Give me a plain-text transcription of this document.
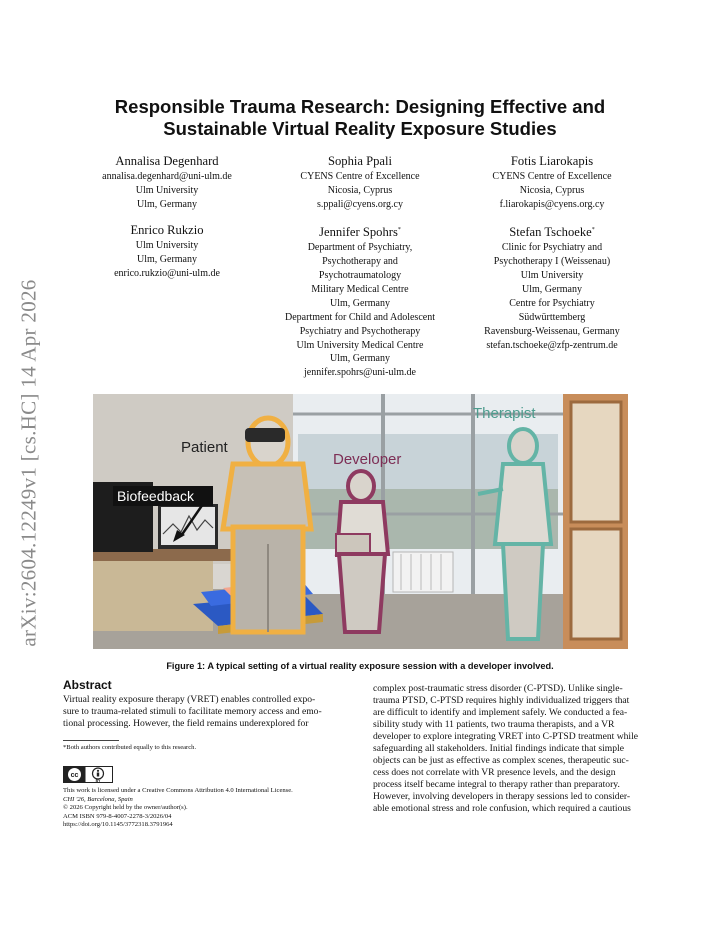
arXiv:2604.12249v1 [cs.HC] 14 Apr 2026
Responsible Trauma Research: Designing Effective and
Sustainable Virtual Reality Exposure Studies
Annalisa Degenhard
annalisa.degenhard@uni-ulm.de
Ulm University
Ulm, Germany
Sophia Ppali
CYENS Centre of Excellence
Nicosia, Cyprus
s.ppali@cyens.org.cy
Fotis Liarokapis
CYENS Centre of Excellence
Nicosia, Cyprus
f.liarokapis@cyens.org.cy
Enrico Rukzio
Ulm University
Ulm, Germany
enrico.rukzio@uni-ulm.de
Jennifer Spohrs*
Department of Psychiatry,
Psychotherapy and
Psychotraumatology
Military Medical Centre
Ulm, Germany
Department for Child and Adolescent
Psychiatry and Psychotherapy
Ulm University Medical Centre
Ulm, Germany
jennifer.spohrs@uni-ulm.de
Stefan Tschoeke*
Clinic for Psychiatry and
Psychotherapy I (Weissenau)
Ulm University
Ulm, Germany
Centre for Psychiatry
Südwürttemberg
Ravensburg-Weissenau, Germany
stefan.tschoeke@zfp-zentrum.de
Patient
Developer
Therapist
Biofeedback
Figure 1: A typical setting of a virtual reality exposure session with a developer involved.
Abstract

Virtual reality exposure therapy (VRET) enables controlled expo-

sure to trauma-related stimuli to facilitate memory access and emo-

tional processing. However, the field remains underexplored for

*Both authors contributed equally to this research.
cc
BY
This work is licensed under a Creative Commons Attribution 4.0 International License.
CHI '26, Barcelona, Spain
© 2026 Copyright held by the owner/author(s).
ACM ISBN 979-8-4007-2278-3/2026/04
https://doi.org/10.1145/3772318.3791964

complex post-traumatic stress disorder (C-PTSD). Unlike single-

trauma PTSD, C-PTSD requires highly individualized triggers that

are difficult to identify and implement safely. We conducted a fea-

sibility study with 11 patients, two trauma therapists, and a VR

developer to explore integrating VRET into C-PTSD treatment while

safeguarding all stakeholders. Initial findings indicate that simple

objects can be just as effective as complex scenes, therapeutic suc-

cess does not correlate with VR presence levels, and the design

process itself became integral to therapy rather than preparatory.

However, involving developers in therapy sessions led to consider-

able emotional stress and role confusion, which required a cautious
